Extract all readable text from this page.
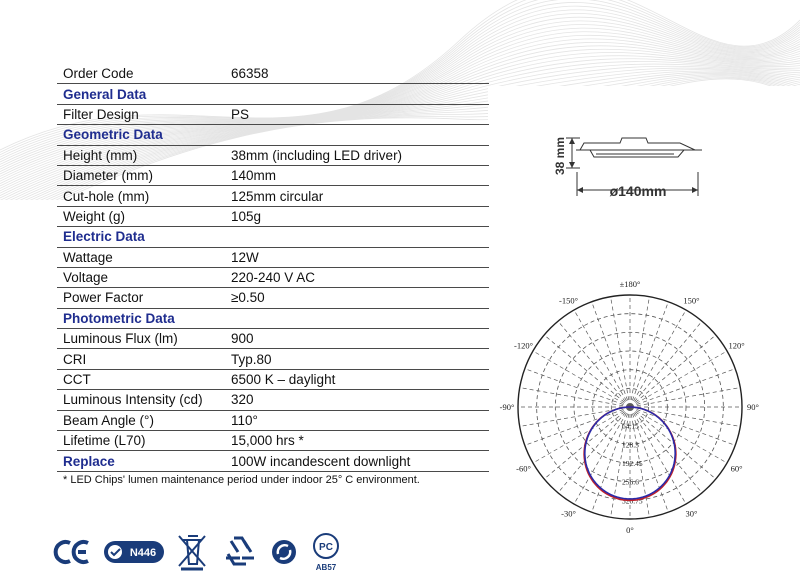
Order Code	66358
General Data	
Filter Design	PS
Geometric Data	
Height (mm)	38mm (including LED driver)
Diameter (mm)	140mm
Cut-hole (mm)	125mm circular
Weight (g)	105g
Electric Data	
Wattage	12W
Voltage	220-240 V AC
Power Factor	≥0.50
Photometric Data	
Luminous Flux (lm)	900
CRI	Typ.80
CCT	6500 K – daylight
Luminous Intensity (cd)	320
Beam Angle (°)	110°
Lifetime (L70)	15,000 hrs *
Replace	100W incandescent downlight
* LED Chips' lumen maintenance period under indoor 25° C environment.
38 mm
ø140mm
±180°
-150°	150°
-120°	120°
-90°	90°
-60°	60°
-30°	30°
0°
64.15
128.3
192.45
256.6
320.75
N446	PC
AB57
